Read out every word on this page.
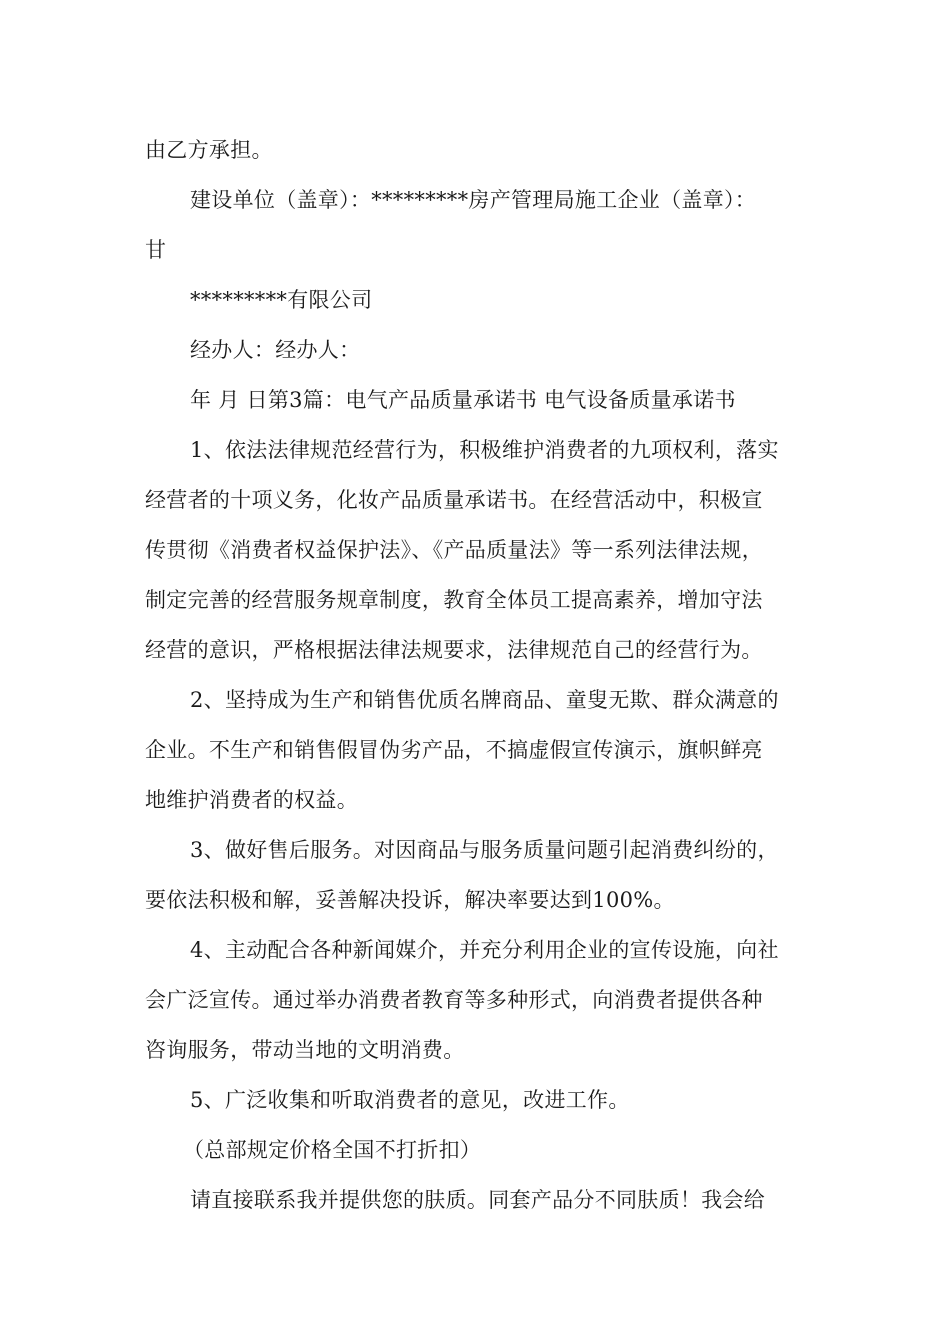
由乙方承担。
建设单位（盖章）：*********房产管理局施工企业（盖章）：
甘
*********有限公司
经办人：经办人：
年 月 日第3篇：电气产品质量承诺书 电气设备质量承诺书
1、依法法律规范经营行为，积极维护消费者的九项权利，落实
经营者的十项义务，化妆产品质量承诺书。在经营活动中，积极宣
传贯彻《消费者权益保护法》、《产品质量法》等一系列法律法规，
制定完善的经营服务规章制度，教育全体员工提高素养，增加守法
经营的意识，严格根据法律法规要求，法律规范自己的经营行为。
2、坚持成为生产和销售优质名牌商品、童叟无欺、群众满意的
企业。不生产和销售假冒伪劣产品，不搞虚假宣传演示，旗帜鲜亮
地维护消费者的权益。
3、做好售后服务。对因商品与服务质量问题引起消费纠纷的，
要依法积极和解，妥善解决投诉，解决率要达到100%。
4、主动配合各种新闻媒介，并充分利用企业的宣传设施，向社
会广泛宣传。通过举办消费者教育等多种形式，向消费者提供各种
咨询服务，带动当地的文明消费。
5、广泛收集和听取消费者的意见，改进工作。
（总部规定价格全国不打折扣）
请直接联系我并提供您的肤质。同套产品分不同肤质！我会给
